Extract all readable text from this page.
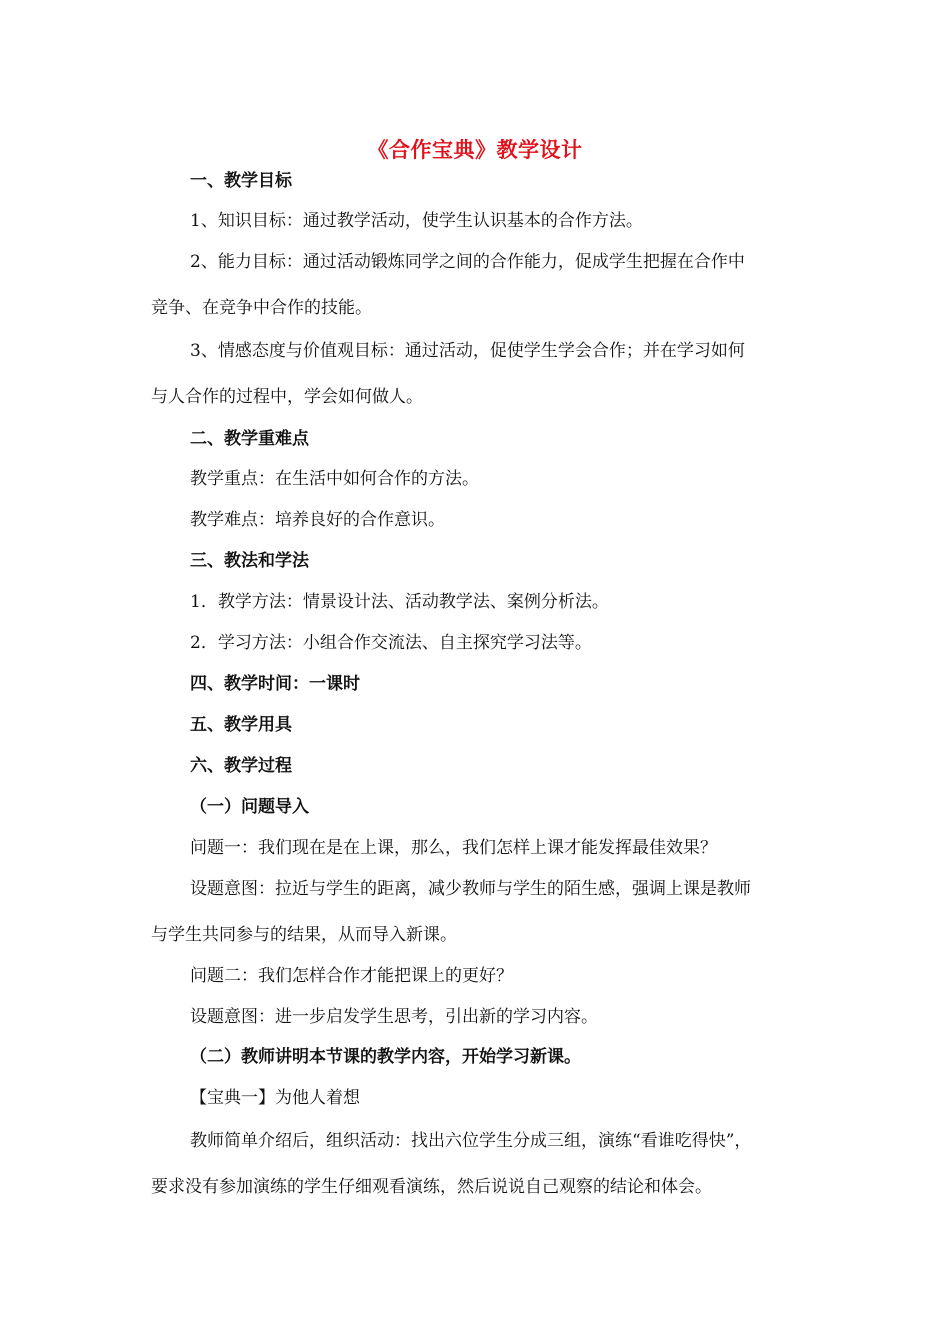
《合作宝典》教学设计
一、教学目标
1、知识目标：通过教学活动，使学生认识基本的合作方法。
2、能力目标：通过活动锻炼同学之间的合作能力，促成学生把握在合作中
竞争、在竞争中合作的技能。
3、情感态度与价值观目标：通过活动，促使学生学会合作；并在学习如何
与人合作的过程中，学会如何做人。
二、教学重难点
教学重点：在生活中如何合作的方法。
教学难点：培养良好的合作意识。
三、教法和学法
1．教学方法：情景设计法、活动教学法、案例分析法。
2．学习方法：小组合作交流法、自主探究学习法等。
四、教学时间：一课时
五、教学用具
六、教学过程
（一）问题导入
问题一：我们现在是在上课，那么，我们怎样上课才能发挥最佳效果？
设题意图：拉近与学生的距离，减少教师与学生的陌生感，强调上课是教师
与学生共同参与的结果，从而导入新课。
问题二：我们怎样合作才能把课上的更好？
设题意图：进一步启发学生思考，引出新的学习内容。
（二）教师讲明本节课的教学内容，开始学习新课。
【宝典一】为他人着想
教师简单介绍后，组织活动：找出六位学生分成三组，演练“看谁吃得快”，
要求没有参加演练的学生仔细观看演练，然后说说自己观察的结论和体会。
